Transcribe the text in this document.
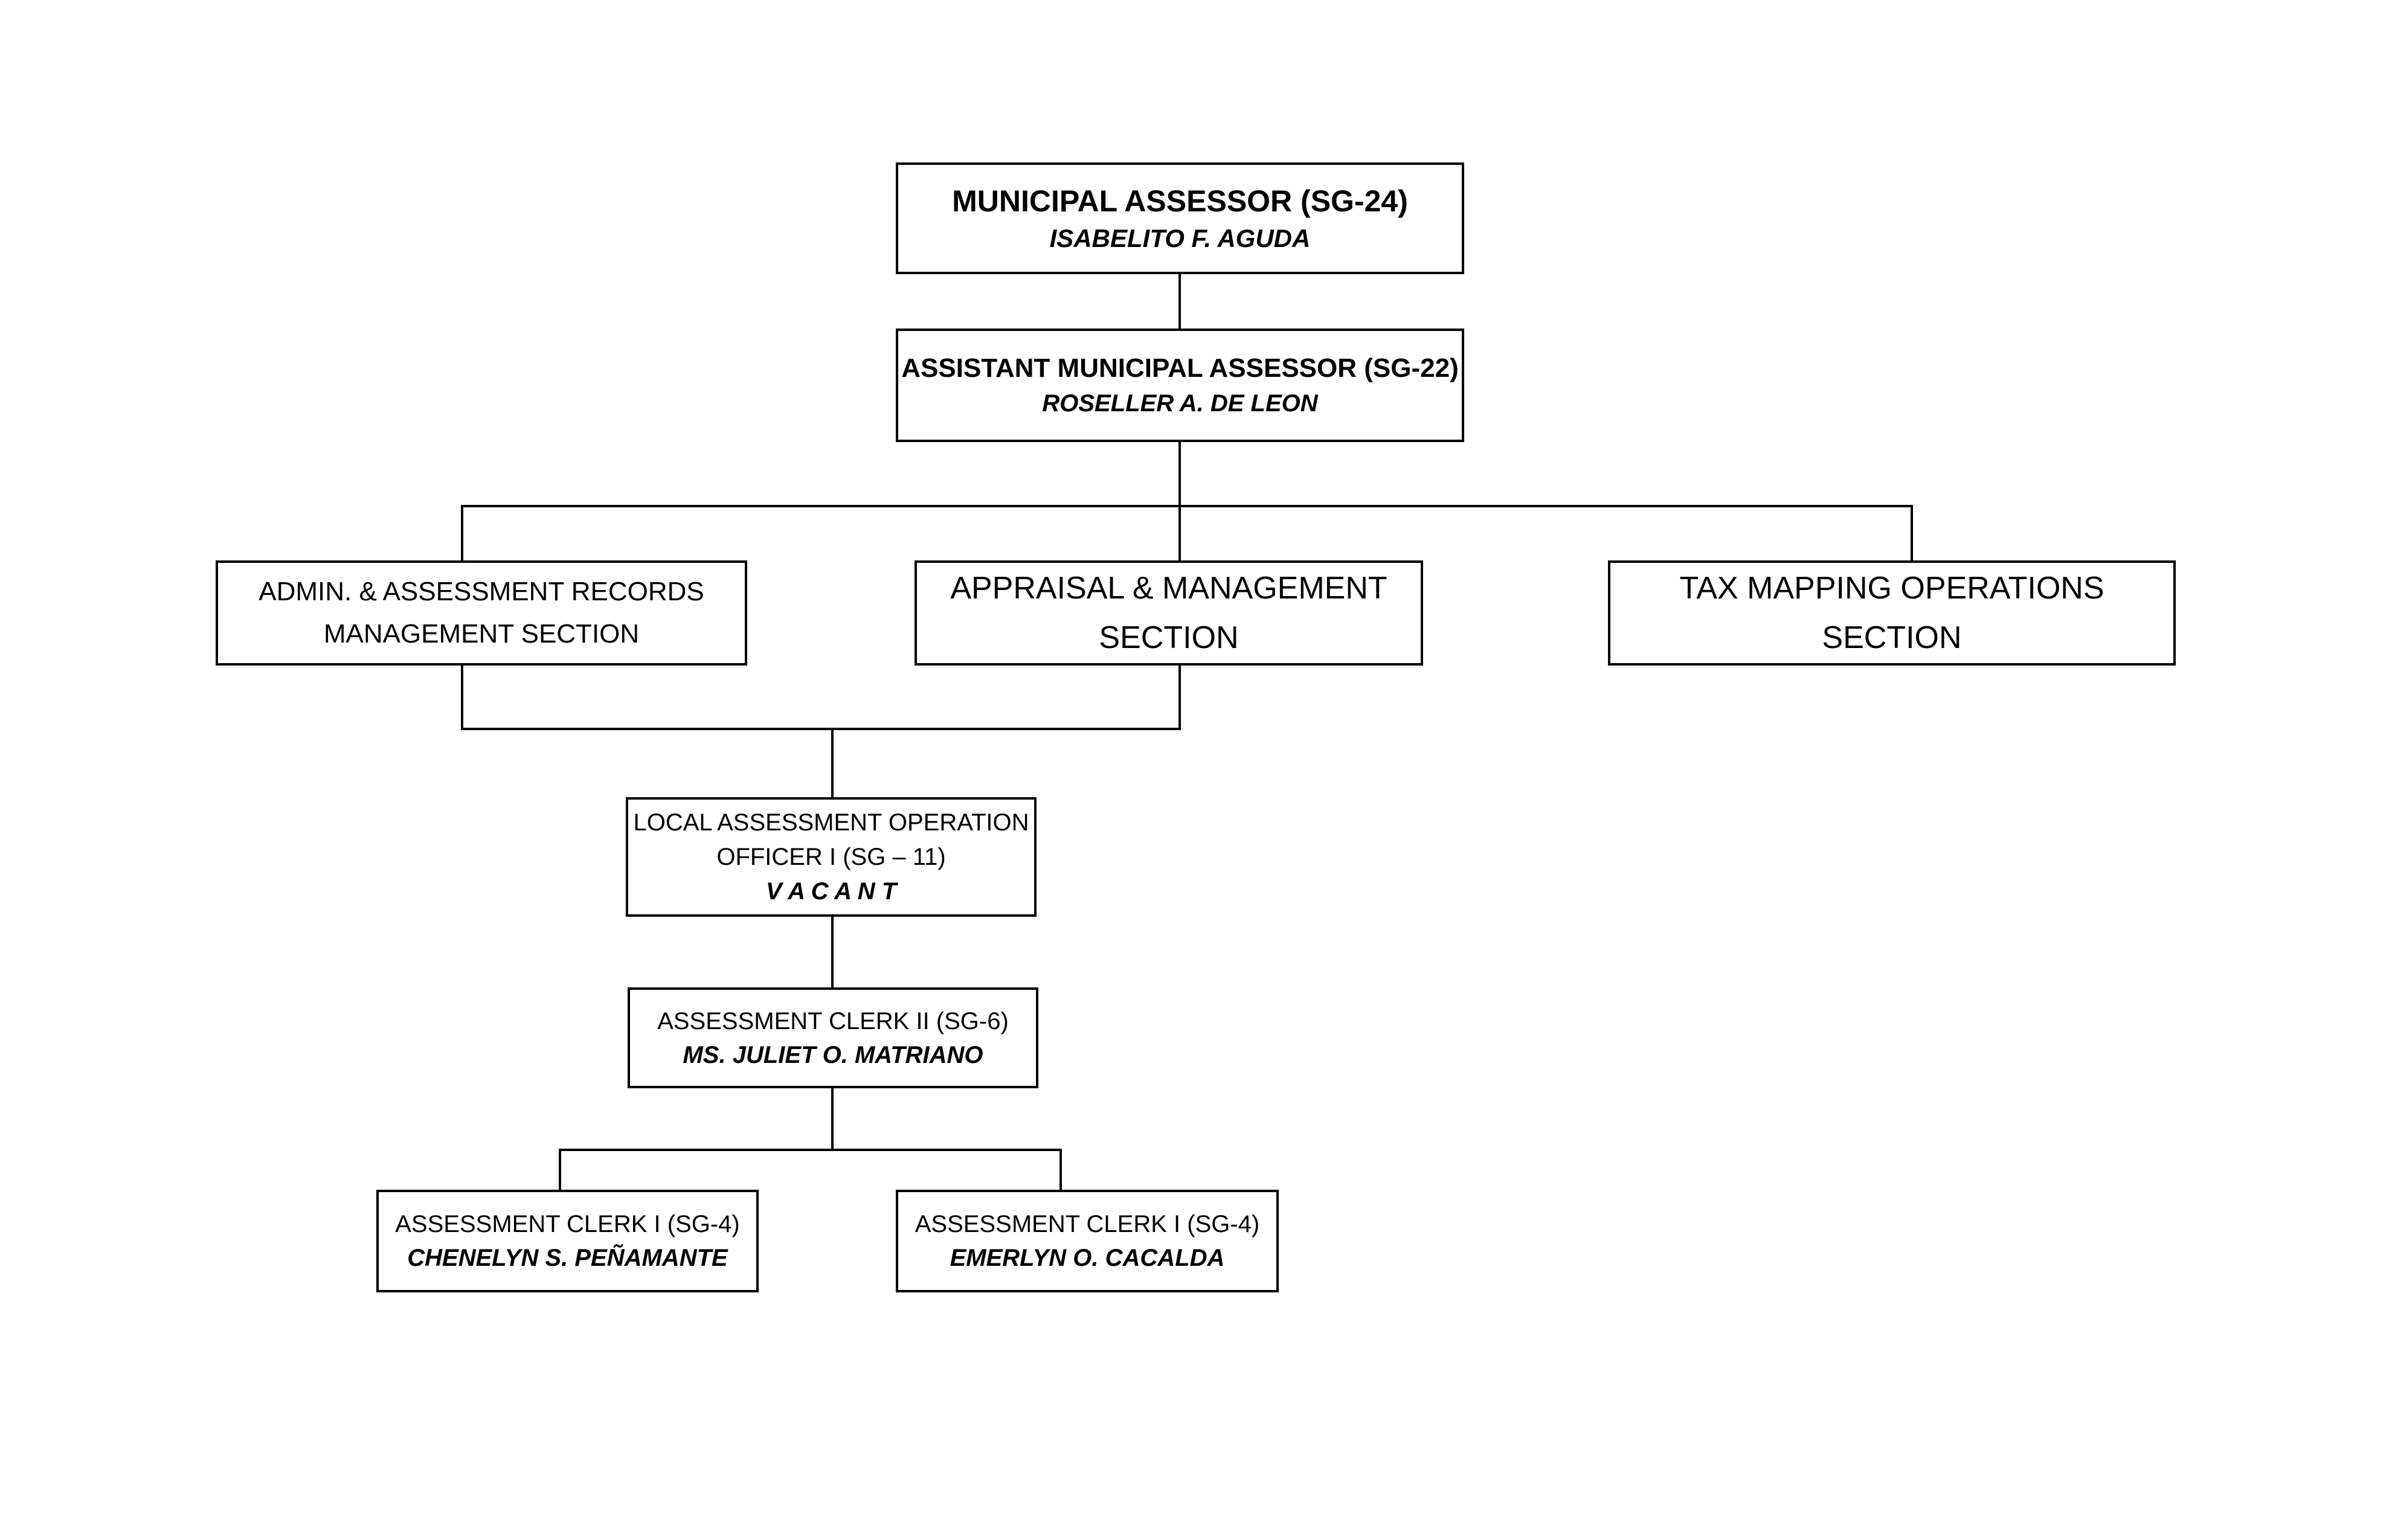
MUNICIPAL ASSESSOR (SG-24)
ISABELITO F. AGUDA
ASSISTANT MUNICIPAL ASSESSOR (SG-22)
ROSELLER A. DE LEON
ADMIN. & ASSESSMENT RECORDS
MANAGEMENT SECTION
APPRAISAL & MANAGEMENT
SECTION
TAX MAPPING OPERATIONS
SECTION
LOCAL ASSESSMENT OPERATION
OFFICER I (SG – 11)
V A C A N T
ASSESSMENT CLERK II (SG-6)
MS. JULIET O. MATRIANO
ASSESSMENT CLERK I (SG-4)
CHENELYN S. PEÑAMANTE
ASSESSMENT CLERK I (SG-4)
EMERLYN O. CACALDA
